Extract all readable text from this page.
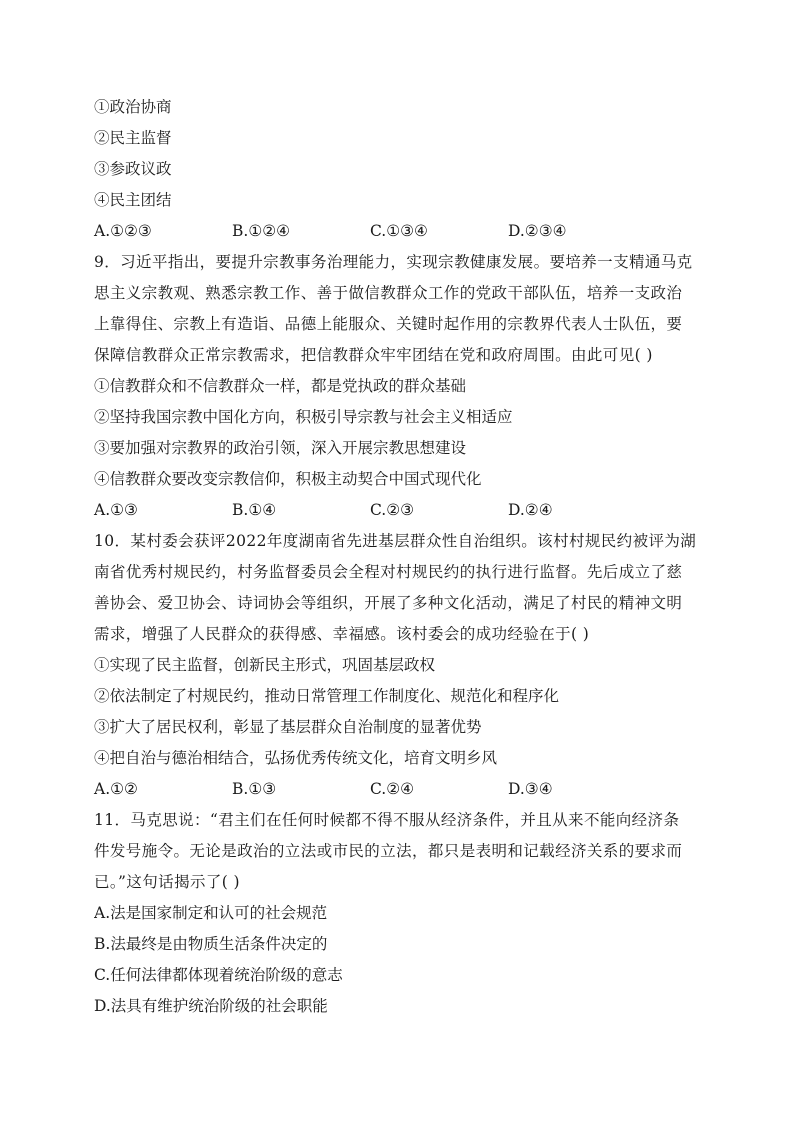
①政治协商
②民主监督
③参政议政
④民主团结
A.①②③	B.①②④	C.①③④	D.②③④
9．习近平指出，要提升宗教事务治理能力，实现宗教健康发展。要培养一支精通马克
思主义宗教观、熟悉宗教工作、善于做信教群众工作的党政干部队伍，培养一支政治
上靠得住、宗教上有造诣、品德上能服众、关键时起作用的宗教界代表人士队伍，要
保障信教群众正常宗教需求，把信教群众牢牢团结在党和政府周围。由此可见( )
①信教群众和不信教群众一样，都是党执政的群众基础
②坚持我国宗教中国化方向，积极引导宗教与社会主义相适应
③要加强对宗教界的政治引领，深入开展宗教思想建设
④信教群众要改变宗教信仰，积极主动契合中国式现代化
A.①③	B.①④	C.②③	D.②④
10．某村委会获评2022年度湖南省先进基层群众性自治组织。该村村规民约被评为湖
南省优秀村规民约，村务监督委员会全程对村规民约的执行进行监督。先后成立了慈
善协会、爱卫协会、诗词协会等组织，开展了多种文化活动，满足了村民的精神文明
需求，增强了人民群众的获得感、幸福感。该村委会的成功经验在于( )
①实现了民主监督，创新民主形式，巩固基层政权
②依法制定了村规民约，推动日常管理工作制度化、规范化和程序化
③扩大了居民权利，彰显了基层群众自治制度的显著优势
④把自治与德治相结合，弘扬优秀传统文化，培育文明乡风
A.①②	B.①③	C.②④	D.③④
11．马克思说：“君主们在任何时候都不得不服从经济条件，并且从来不能向经济条
件发号施令。无论是政治的立法或市民的立法，都只是表明和记载经济关系的要求而
已。”这句话揭示了( )
A.法是国家制定和认可的社会规范
B.法最终是由物质生活条件决定的
C.任何法律都体现着统治阶级的意志
D.法具有维护统治阶级的社会职能
